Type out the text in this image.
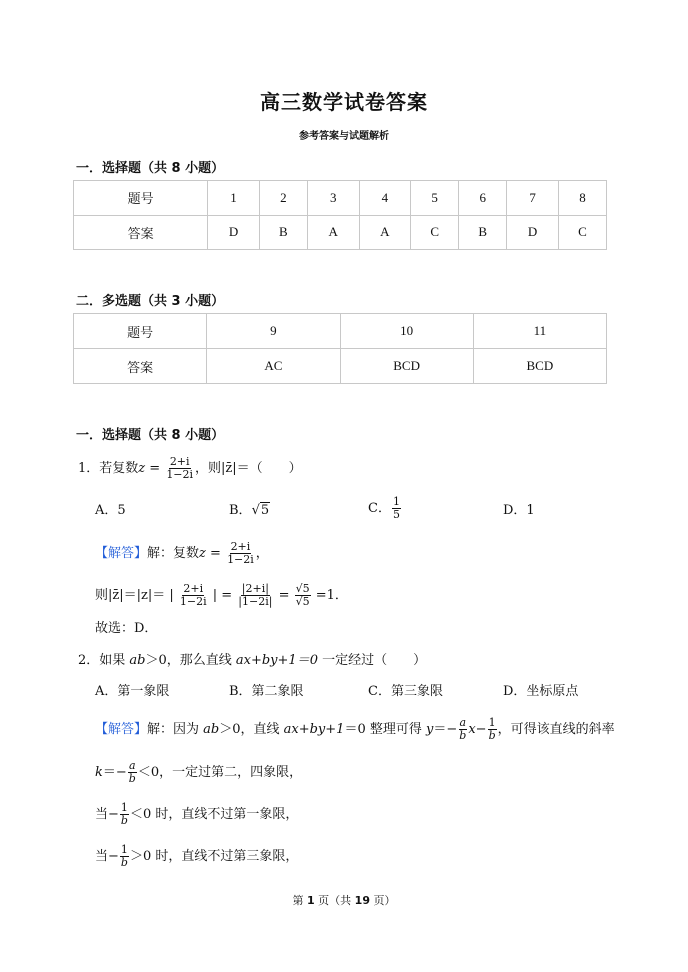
高三数学试卷答案
参考答案与试题解析
一．选择题（共 8 小题）
题号	1	2	3	4	5	6	7	8
答案	D	B	A	A	C	B	D	C
二．多选题（共 3 小题）
题号	9	10	11
答案	AC	BCD	BCD
一．选择题（共 8 小题）
1．若复数$z = \frac{2+i}{1-2i}$ ，则|z̄|＝（　　）
A．5	B．√5	C． $\frac{1}{5}$	D．1
【解答】解：复数$z = \frac{2+i}{1-2i}$ ，
则|z̄|＝|z|＝ | $\frac{2+i}{1-2i}$ | = $\frac{|2+i|}{|1-2i|} = \frac{√5}{√5} =1$．
故选：D．
2．如果 ab＞0，那么直线 ax+by+1＝0 一定经过（　　）
A．第一象限	B．第二象限	C．第三象限	D．坐标原点
【解答】解：因为 ab＞0，直线 ax+by+1＝0 整理可得 $y=- \frac{a}{b} x- \frac{1}{b}$ ，可得该直线的斜率
$k=- \frac{a}{b} <0$，一定过第二，四象限，
当− $\frac{1}{b} <0$ 时，直线不过第一象限，
当− $\frac{1}{b} >0$ 时，直线不过第三象限，
第 1 页（共 19 页）
